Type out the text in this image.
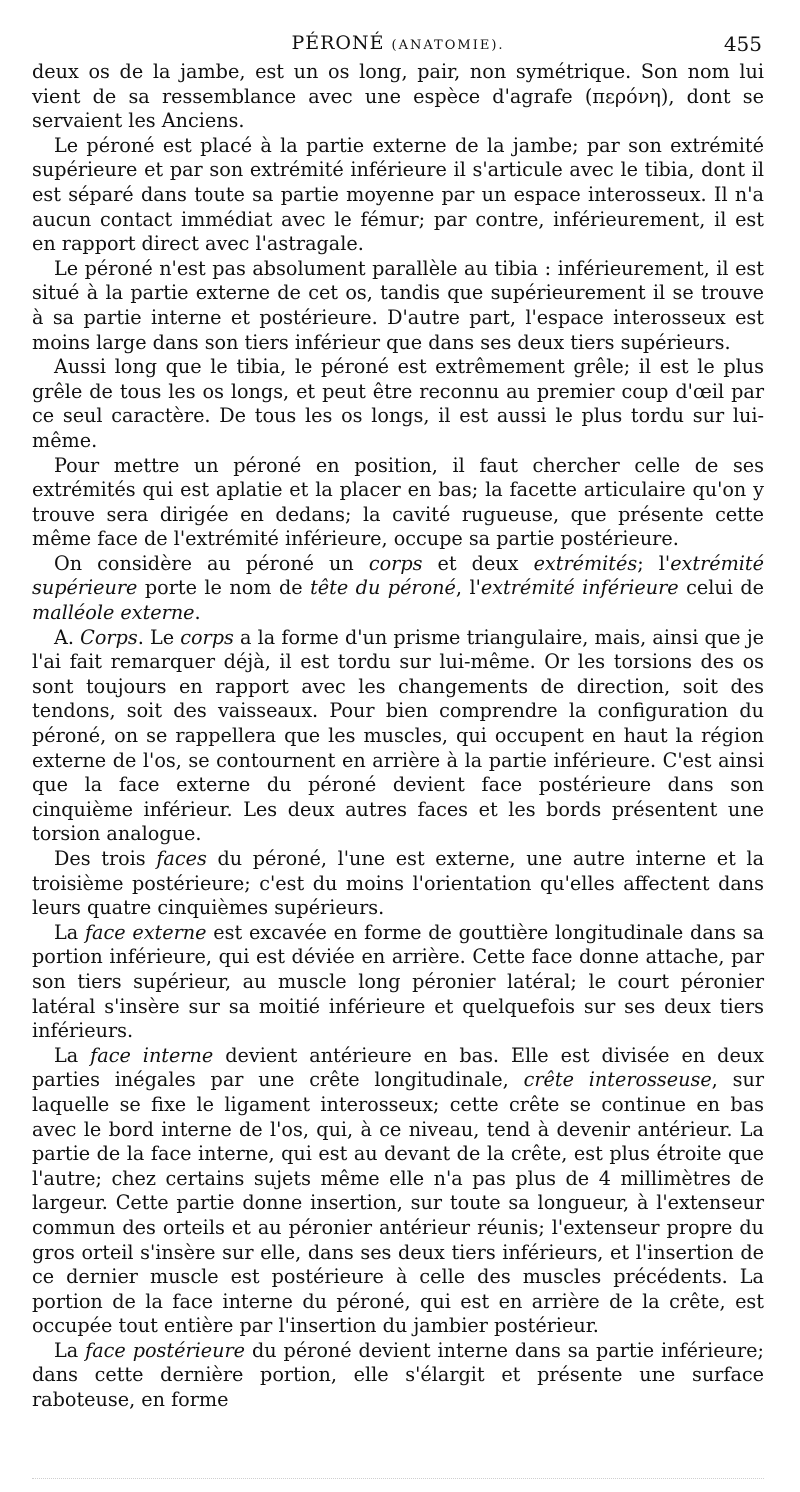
PÉRONÉ (ANATOMIE).	455

deux os de la jambe, est un os long, pair, non symétrique. Son nom lui vient de sa ressemblance avec une espèce d'agrafe (περόνη), dont se servaient les Anciens.

Le péroné est placé à la partie externe de la jambe; par son extrémité supérieure et par son extrémité inférieure il s'articule avec le tibia, dont il est séparé dans toute sa partie moyenne par un espace interosseux. Il n'a aucun contact immédiat avec le fémur; par contre, inférieurement, il est en rapport direct avec l'astragale.

Le péroné n'est pas absolument parallèle au tibia : inférieurement, il est situé à la partie externe de cet os, tandis que supérieurement il se trouve à sa partie interne et postérieure. D'autre part, l'espace interosseux est moins large dans son tiers inférieur que dans ses deux tiers supérieurs.

Aussi long que le tibia, le péroné est extrêmement grêle; il est le plus grêle de tous les os longs, et peut être reconnu au premier coup d'œil par ce seul caractère. De tous les os longs, il est aussi le plus tordu sur lui-même.

Pour mettre un péroné en position, il faut chercher celle de ses extrémités qui est aplatie et la placer en bas; la facette articulaire qu'on y trouve sera dirigée en dedans; la cavité rugueuse, que présente cette même face de l'extrémité inférieure, occupe sa partie postérieure.

On considère au péroné un corps et deux extrémités; l'extrémité supérieure porte le nom de tête du péroné, l'extrémité inférieure celui de malléole externe.

A. Corps. Le corps a la forme d'un prisme triangulaire, mais, ainsi que je l'ai fait remarquer déjà, il est tordu sur lui-même. Or les torsions des os sont toujours en rapport avec les changements de direction, soit des tendons, soit des vaisseaux. Pour bien comprendre la configuration du péroné, on se rappellera que les muscles, qui occupent en haut la région externe de l'os, se contournent en arrière à la partie inférieure. C'est ainsi que la face externe du péroné devient face postérieure dans son cinquième inférieur. Les deux autres faces et les bords présentent une torsion analogue.

Des trois faces du péroné, l'une est externe, une autre interne et la troisième postérieure; c'est du moins l'orientation qu'elles affectent dans leurs quatre cinquièmes supérieurs.

La face externe est excavée en forme de gouttière longitudinale dans sa portion inférieure, qui est déviée en arrière. Cette face donne attache, par son tiers supérieur, au muscle long péronier latéral; le court péronier latéral s'insère sur sa moitié inférieure et quelquefois sur ses deux tiers inférieurs.

La face interne devient antérieure en bas. Elle est divisée en deux parties inégales par une crête longitudinale, crête interosseuse, sur laquelle se fixe le ligament interosseux; cette crête se continue en bas avec le bord interne de l'os, qui, à ce niveau, tend à devenir antérieur. La partie de la face interne, qui est au devant de la crête, est plus étroite que l'autre; chez certains sujets même elle n'a pas plus de 4 millimètres de largeur. Cette partie donne insertion, sur toute sa longueur, à l'extenseur commun des orteils et au péronier antérieur réunis; l'extenseur propre du gros orteil s'insère sur elle, dans ses deux tiers inférieurs, et l'insertion de ce dernier muscle est postérieure à celle des muscles précédents. La portion de la face interne du péroné, qui est en arrière de la crête, est occupée tout entière par l'insertion du jambier postérieur.

La face postérieure du péroné devient interne dans sa partie inférieure; dans cette dernière portion, elle s'élargit et présente une surface raboteuse, en forme
